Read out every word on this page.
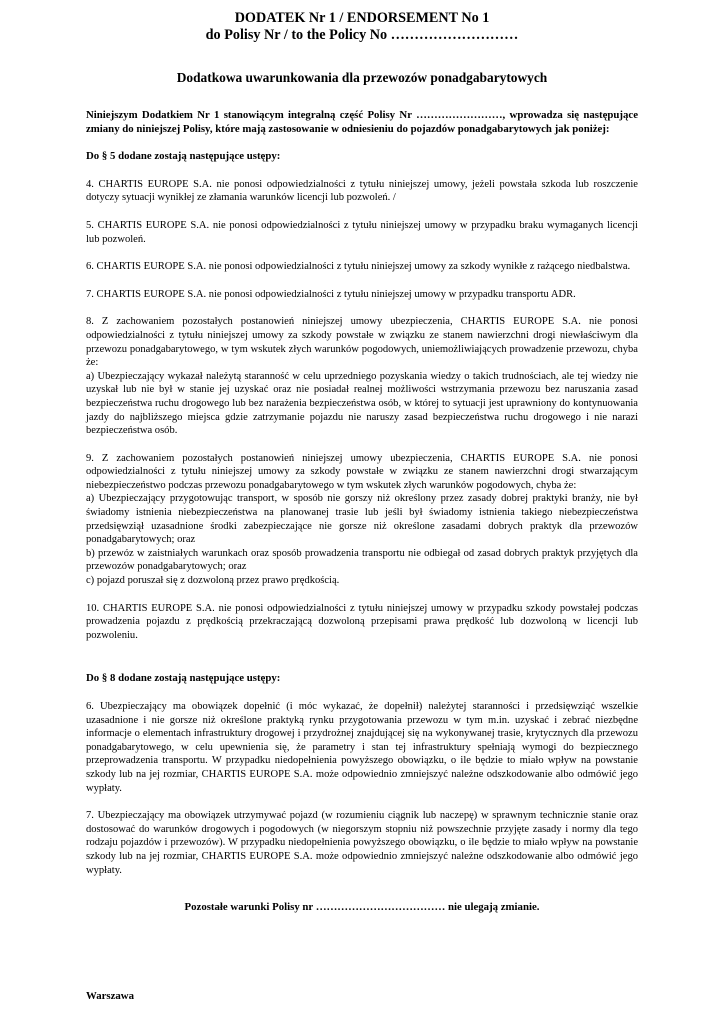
DODATEK Nr 1 / ENDORSEMENT No 1

do Polisy Nr / to the Policy No ………………………

Dodatkowa uwarunkowania dla przewozów ponadgabarytowych

Niniejszym Dodatkiem Nr 1 stanowiącym integralną część Polisy Nr ……………………, wprowadza się następujące zmiany do niniejszej Polisy, które mają zastosowanie w odniesieniu do pojazdów ponadgabarytowych jak poniżej:

Do § 5 dodane zostają następujące ustępy:

4. CHARTIS EUROPE S.A. nie ponosi odpowiedzialności z tytułu niniejszej umowy, jeżeli powstała szkoda lub roszczenie dotyczy sytuacji wynikłej ze złamania warunków licencji lub pozwoleń. /

5. CHARTIS EUROPE S.A. nie ponosi odpowiedzialności z tytułu niniejszej umowy w przypadku braku wymaganych licencji lub pozwoleń.

6. CHARTIS EUROPE S.A. nie ponosi odpowiedzialności z tytułu niniejszej umowy za szkody wynikłe z rażącego niedbalstwa.

7. CHARTIS EUROPE S.A. nie ponosi odpowiedzialności z tytułu niniejszej umowy w przypadku transportu ADR.

8. Z zachowaniem pozostałych postanowień niniejszej umowy ubezpieczenia, CHARTIS EUROPE S.A. nie ponosi odpowiedzialności z tytułu niniejszej umowy za szkody powstałe w związku ze stanem nawierzchni drogi niewłaściwym dla przewozu ponadgabarytowego, w tym wskutek złych warunków pogodowych, uniemożliwiających prowadzenie przewozu, chyba że:
a) Ubezpieczający wykazał należytą staranność w celu uprzedniego pozyskania wiedzy o takich trudnościach, ale tej wiedzy nie uzyskał lub nie był w stanie jej uzyskać oraz nie posiadał realnej możliwości wstrzymania przewozu bez naruszania zasad bezpieczeństwa ruchu drogowego lub bez narażenia bezpieczeństwa osób, w której to sytuacji jest uprawniony do kontynuowania jazdy do najbliższego miejsca gdzie zatrzymanie pojazdu nie naruszy zasad bezpieczeństwa ruchu drogowego i nie narazi bezpieczeństwa osób.

9. Z zachowaniem pozostałych postanowień niniejszej umowy ubezpieczenia, CHARTIS EUROPE S.A. nie ponosi odpowiedzialności z tytułu niniejszej umowy za szkody powstałe w związku ze stanem nawierzchni drogi stwarzającym niebezpieczeństwo podczas przewozu ponadgabarytowego w tym wskutek złych warunków pogodowych, chyba że:
a) Ubezpieczający przygotowując transport, w sposób nie gorszy niż określony przez zasady dobrej praktyki branży, nie był świadomy istnienia niebezpieczeństwa na planowanej trasie lub jeśli był świadomy istnienia takiego niebezpieczeństwa przedsięwziął uzasadnione środki zabezpieczające nie gorsze niż określone zasadami dobrych praktyk dla przewozów ponadgabarytowych; oraz
b) przewóz w zaistniałych warunkach oraz sposób prowadzenia transportu nie odbiegał od zasad dobrych praktyk przyjętych dla przewozów ponadgabarytowych; oraz
c) pojazd poruszał się z dozwoloną przez prawo prędkością.

10. CHARTIS EUROPE S.A. nie ponosi odpowiedzialności z tytułu niniejszej umowy w przypadku szkody powstałej podczas prowadzenia pojazdu z prędkością przekraczającą dozwoloną przepisami prawa prędkość lub dozwoloną w licencji lub pozwoleniu.

Do § 8 dodane zostają następujące ustępy:

6. Ubezpieczający ma obowiązek dopełnić (i móc wykazać, że dopełnił) należytej staranności i przedsięwziąć wszelkie uzasadnione i nie gorsze niż określone praktyką rynku przygotowania przewozu w tym m.in. uzyskać i zebrać niezbędne informacje o elementach infrastruktury drogowej i przydrożnej znajdującej się na wykonywanej trasie, krytycznych dla przewozu ponadgabarytowego, w celu upewnienia się, że parametry i stan tej infrastruktury spełniają wymogi do bezpiecznego przeprowadzenia transportu. W przypadku niedopełnienia powyższego obowiązku, o ile będzie to miało wpływ na powstanie szkody lub na jej rozmiar, CHARTIS EUROPE S.A. może odpowiednio zmniejszyć należne odszkodowanie albo odmówić jego wypłaty.

7. Ubezpieczający ma obowiązek utrzymywać pojazd (w rozumieniu ciągnik lub naczepę) w sprawnym technicznie stanie oraz dostosować do warunków drogowych i pogodowych (w niegorszym stopniu niż powszechnie przyjęte zasady i normy dla tego rodzaju pojazdów i przewozów). W przypadku niedopełnienia powyższego obowiązku, o ile będzie to miało wpływ na powstanie szkody lub na jej rozmiar, CHARTIS EUROPE S.A. może odpowiednio zmniejszyć należne odszkodowanie albo odmówić jego wypłaty.

Pozostałe warunki Polisy nr ……………………………… nie ulegają zmianie.

Warszawa
